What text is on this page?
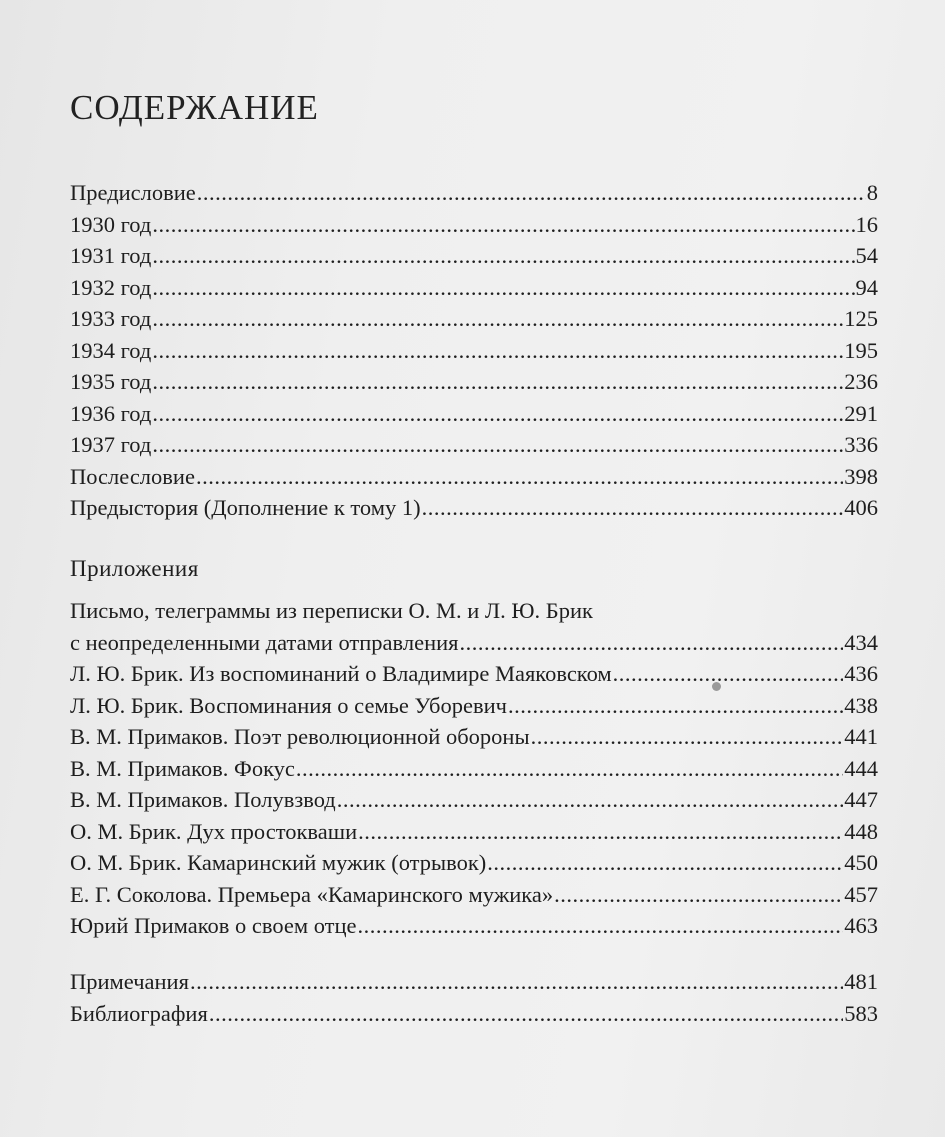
СОДЕРЖАНИЕ
Предисловие .....	8
1930 год .....	16
1931 год .....	54
1932 год .....	94
1933 год .....	125
1934 год .....	195
1935 год .....	236
1936 год .....	291
1937 год .....	336
Послесловие .....	398
Предыстория (Дополнение к тому 1) .....	406
Приложения
Письмо, телеграммы из переписки О. М. и Л. Ю. Брик
с неопределенными датами отправления .....	434
Л. Ю. Брик. Из воспоминаний о Владимире Маяковском .....	436
Л. Ю. Брик. Воспоминания о семье Уборевич .....	438
В. М. Примаков. Поэт революционной обороны .....	441
В. М. Примаков. Фокус .....	444
В. М. Примаков. Полувзвод .....	447
О. М. Брик. Дух простокваши .....	448
О. М. Брик. Камаринский мужик (отрывок) .....	450
Е. Г. Соколова. Премьера «Камаринского мужика» .....	457
Юрий Примаков о своем отце .....	463
Примечания .....	481
Библиография .....	583
